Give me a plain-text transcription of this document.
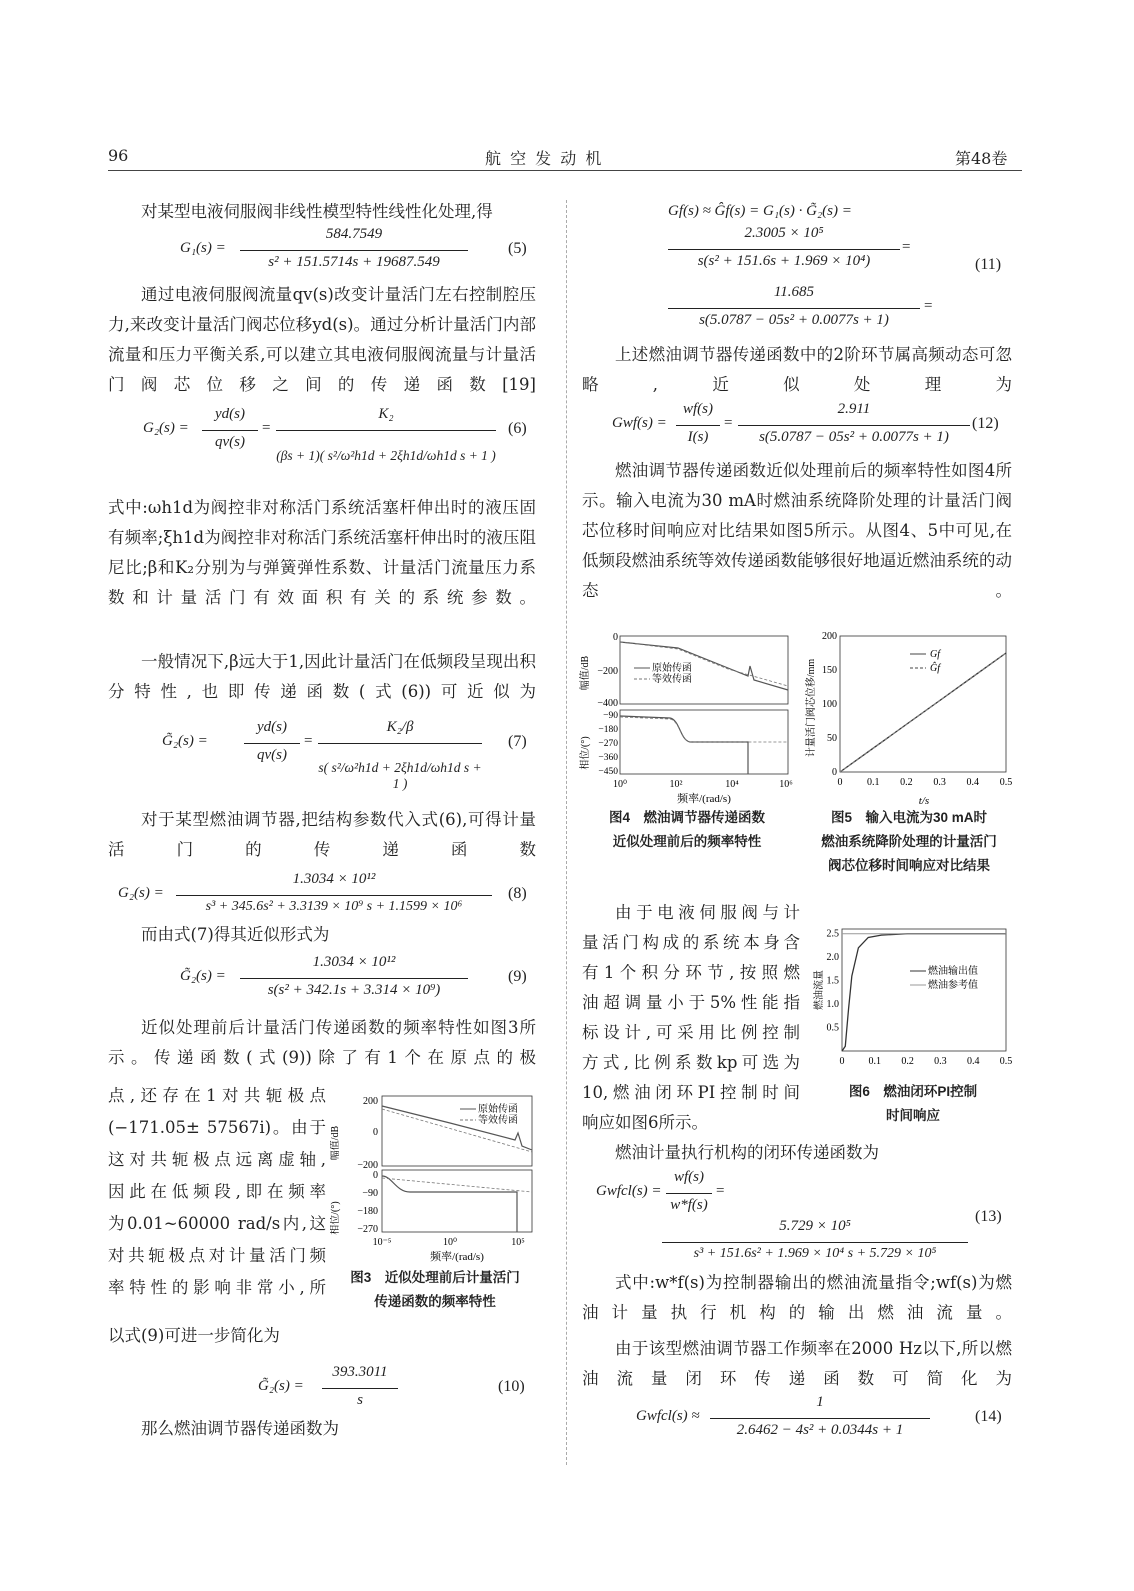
96	航 空 发 动 机	第48卷
对某型电液伺服阀非线性模型特性线性化处理,得
G₁(s) =
584.7549
s² + 151.5714s + 19687.549
(5)
通过电液伺服阀流量qv(s)改变计量活门左右控制腔压力,来改变计量活门阀芯位移yd(s)。通过分析计量活门内部流量和压力平衡关系,可以建立其电液伺服阀流量与计量活门阀芯位移之间的传递函数[19]
G₂(s) =
yd(s)
qv(s)
=
K₂
(βs + 1)( s²/ω²h1d + 2ξh1d/ωh1d s + 1 )
(6)
式中:ωh1d为阀控非对称活门系统活塞杆伸出时的液压固有频率;ξh1d为阀控非对称活门系统活塞杆伸出时的液压阻尼比;β和K₂分别为与弹簧弹性系数、计量活门流量压力系数和计量活门有效面积有关的系统参数。
一般情况下,β远大于1,因此计量活门在低频段呈现出积分特性,也即传递函数(式(6))可近似为
G̃₂(s) =
yd(s)
qv(s)
=
K₂/β
s( s²/ω²h1d + 2ξh1d/ωh1d s + 1 )
(7)
对于某型燃油调节器,把结构参数代入式(6),可得计量活门的传递函数
G₂(s) =
1.3034 × 10¹²
s³ + 345.6s² + 3.3139 × 10⁹ s + 1.1599 × 10⁶
(8)
而由式(7)得其近似形式为
G̃₂(s) =
1.3034 × 10¹²
s(s² + 342.1s + 3.314 × 10⁹)
(9)
近似处理前后计量活门传递函数的频率特性如图3所示。传递函数(式(9))除了有1个在原点的极
点,还存在1对共轭极点
(−171.05± 57567i)。由于
这对共轭极点远离虚轴,
因此在低频段,即在频率
为0.01~60000 rad/s内,这
对共轭极点对计量活门频
率特性的影响非常小,所
以式(9)可进一步简化为
G̃₂(s) =
393.3011
s
(10)
那么燃油调节器传递函数为
幅值/dB
相位/(°)
200
0
−200
原始传函
等效传函
0
−90
−180
−270
10⁻⁵	10⁰	10⁵
频率/(rad/s)
图3　近似处理前后计量活门
传递函数的频率特性
Gf(s) ≈ Ĝf(s) = G₁(s) · G̃₂(s) =
2.3005 × 10⁵
s(s² + 151.6s + 1.969 × 10⁴)
=
(11)
11.685
s(5.0787 − 05s² + 0.0077s + 1)
=
上述燃油调节器传递函数中的2阶环节属高频动态可忽略,近似处理为
Gwf(s) =
wf(s)
I(s)
=
2.911
s(5.0787 − 05s² + 0.0077s + 1)
(12)
燃油调节器传递函数近似处理前后的频率特性如图4所示。输入电流为30 mA时燃油系统降阶处理的计量活门阀芯位移时间响应对比结果如图5所示。从图4、5中可见,在低频段燃油系统等效传递函数能够很好地逼近燃油系统的动态。
幅值/dB
相位/(°)
0
−200
−400
原始传函
等效传函
−90
−180
−270
−360
−450
10⁰	10²	10⁴	10⁶
频率/(rad/s)
图4　燃油调节器传递函数
近似处理前后的频率特性
计量活门阀芯位移/mm
0
50
100
150
200
0 0.1 0.2 0.3 0.4 0.5
Gf
Ĝf
t/s
图5　输入电流为30 mA时
燃油系统降阶处理的计量活门
阀芯位移时间响应对比结果
由于电液伺服阀与计
量活门构成的系统本身含
有1个积分环节,按照燃
油超调量小于5%性能指
标设计,可采用比例控制
方式,比例系数kp可选为
10,燃油闭环PI控制时间
响应如图6所示。
燃油流量
0.5
1.0
1.5
2.0
2.5
0 0.1 0.2 0.3 0.4 0.5
燃油输出值
燃油参考值
图6　燃油闭环PI控制
时间响应
燃油计量执行机构的闭环传递函数为
Gwfcl(s) =
wf(s)
w*f(s)
=
5.729 × 10⁵
s³ + 151.6s² + 1.969 × 10⁴ s + 5.729 × 10⁵
(13)
式中:w*f(s)为控制器输出的燃油流量指令;wf(s)为燃油计量执行机构的输出燃油流量。
由于该型燃油调节器工作频率在2000 Hz以下,所以燃油流量闭环传递函数可简化为
Gwfcl(s) ≈
1
2.6462 − 4s² + 0.0344s + 1
(14)
